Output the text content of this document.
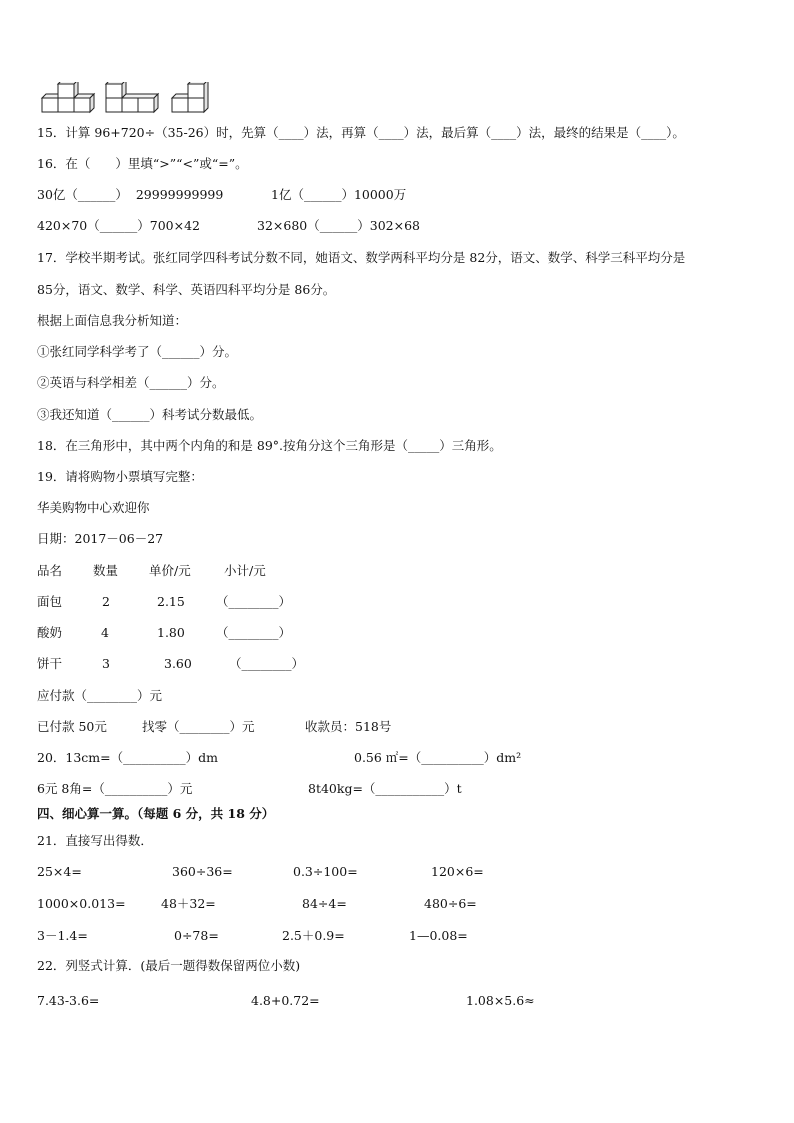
15．计算 96+720÷（35-26）时，先算（____）法，再算（____）法，最后算（____）法，最终的结果是（____）。
16．在（　　）里填“>”“<”或“=”。
30亿（______）  29999999999	1亿（______）10000万
420×70（______）700×42	32×680（______）302×68
17．学校半期考试。张红同学四科考试分数不同，她语文、数学两科平均分是 82分，语文、数学、科学三科平均分是
85分，语文、数学、科学、英语四科平均分是 86分。
根据上面信息我分析知道：
①张红同学科学考了（______）分。
②英语与科学相差（______）分。
③我还知道（______）科考试分数最低。
18．在三角形中，其中两个内角的和是 89°.按角分这个三角形是（_____）三角形。
19．请将购物小票填写完整：
华美购物中心欢迎你
日期：2017－06－27
品名 数量 单价/元	小计/元
面包	2	2.15 （________）
酸奶	4	1.80 （________）
饼干	3	3.60	（________）
应付款（________）元
已付款 50元	找零（________）元	收款员：518号
20．13cm=（__________）dm	0.56 ㎡=（__________）dm²
6元 8角=（__________）元	8t40kg=（___________）t
四、细心算一算。（每题 6 分，共 18 分）
21．直接写出得数．
25×4=	360÷36=	0.3÷100=	120×6=
1000×0.013=	48＋32=	84÷4=	480÷6=
3－1.4=	0÷78=	2.5＋0.9=	1—0.08=
22．列竖式计算．(最后一题得数保留两位小数)
7.43-3.6=	4.8+0.72=	1.08×5.6≈
